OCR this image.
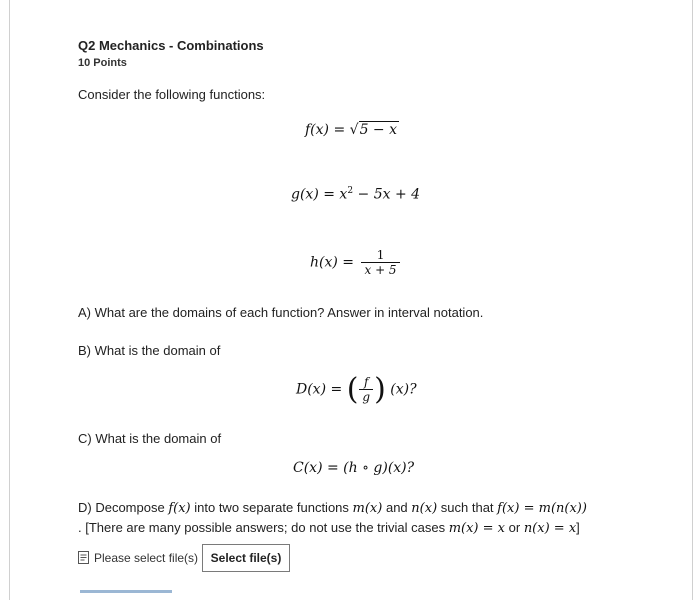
Q2 Mechanics - Combinations
10 Points
Consider the following functions:
f(x) = √5 − x
$g(x) = x^2 - 5x + 4$
$h(x) = \frac{1}{x + 5}$
A) What are the domains of each function? Answer in interval notation.
B) What is the domain of
D(x) = ( $\frac{f}{g}$ ) (x)?
C) What is the domain of
C(x) = (h ∘ g)(x)?
D) Decompose f(x) into two separate functions m(x) and n(x) such that f(x) = m(n(x))
. [There are many possible answers; do not use the trivial cases m(x) = x or n(x) = x]
Please select file(s)	Select file(s)
